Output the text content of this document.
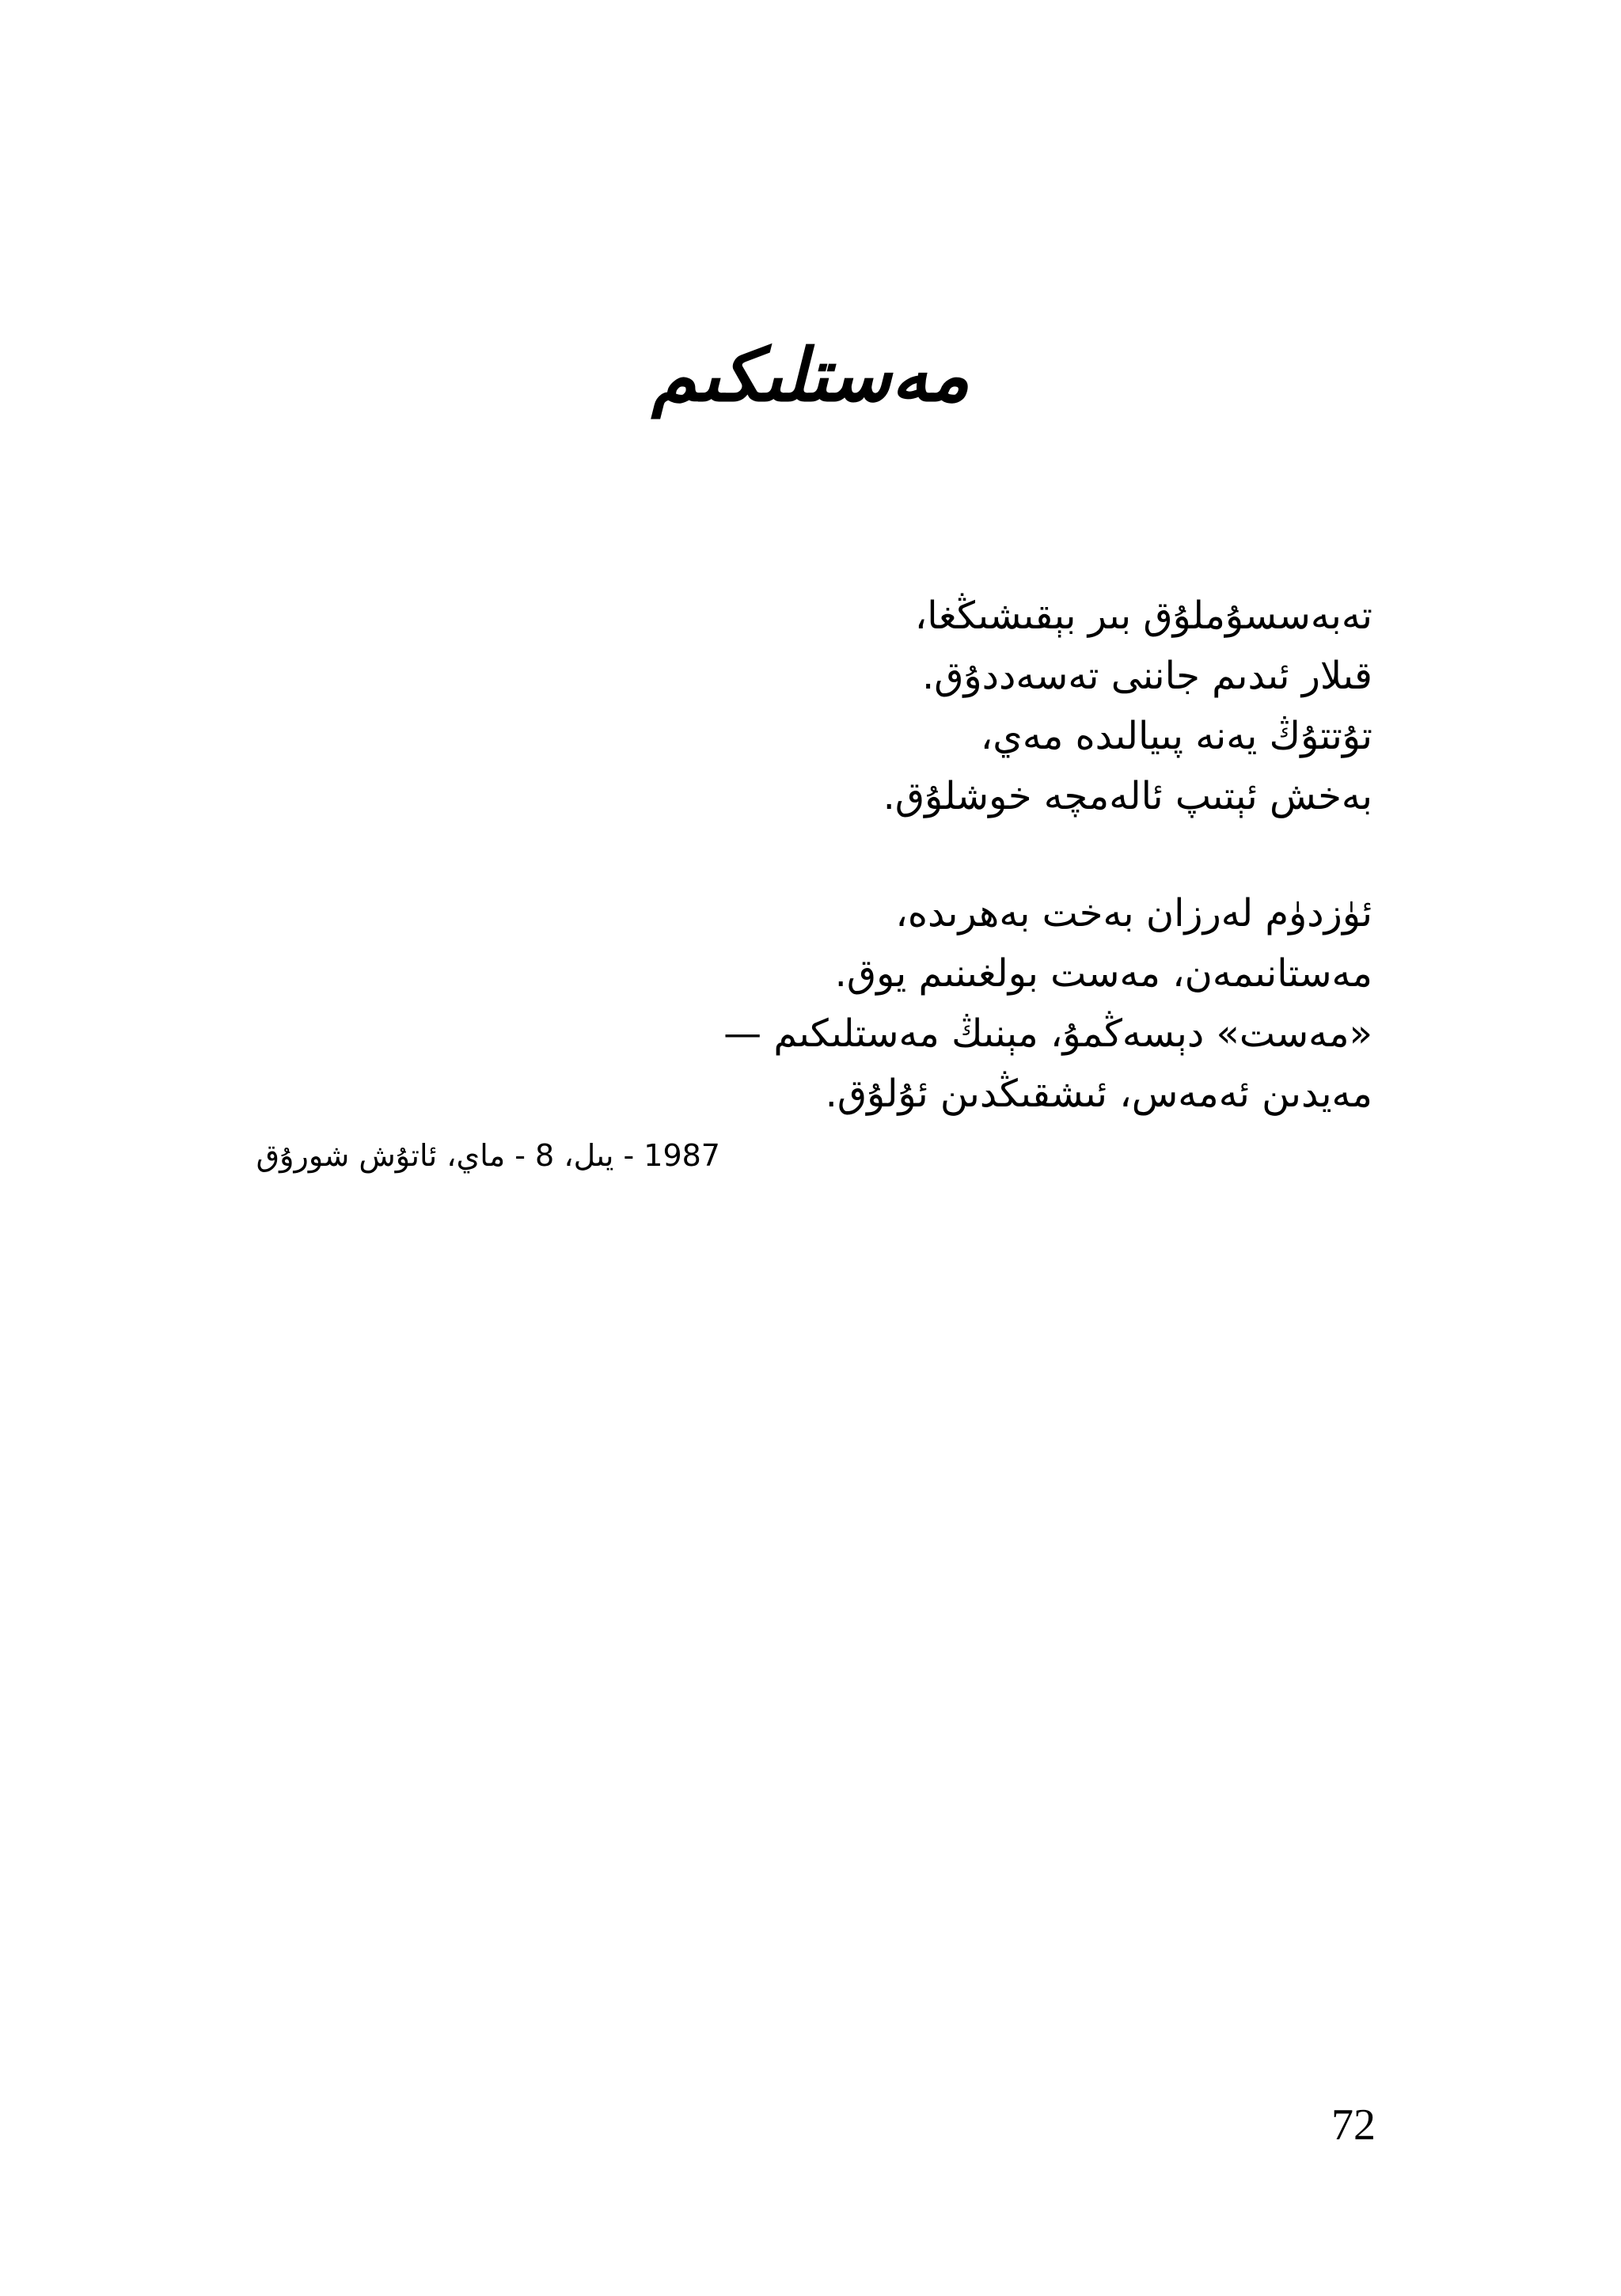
مەستلىكىم
تەبەسسۇملۇق بىر بېقىشىڭغا،
قىلار ئىدىم جاننى تەسەددۇق.
تۇتتۇڭ يەنە پىيالىدە مەي،
بەخش ئېتىپ ئالەمچە خوشلۇق.
ئۈزدۈم لەرزان بەخت بەھرىدە،
مەستانىمەن، مەست بولغىنىم يوق.
«مەست» دېسەڭمۇ، مېنىڭ مەستلىكىم —
مەيدىن ئەمەس، ئىشقىڭدىن ئۇلۇق.
1987 - يىل، 8 - ماي، ئاتۇش شورۇق
72
